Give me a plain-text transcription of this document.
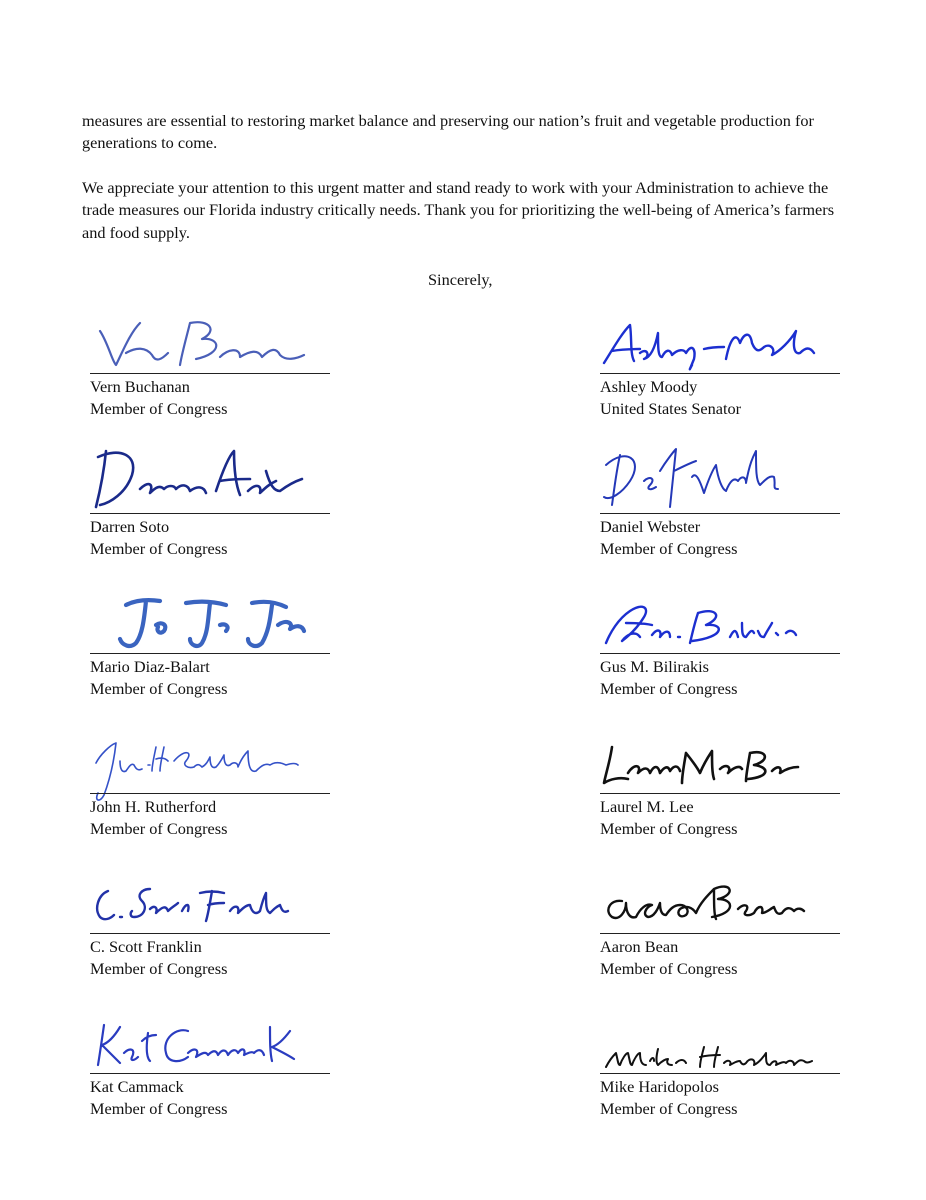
measures are essential to restoring market balance and preserving our nation’s fruit and vegetable production for generations to come.

We appreciate your attention to this urgent matter and stand ready to work with your Administration to achieve the trade measures our Florida industry critically needs. Thank you for prioritizing the well-being of America’s farmers and food supply.

Sincerely,
Vern Buchanan
Member of Congress
Ashley Moody
United States Senator
Darren Soto
Member of Congress
Daniel Webster
Member of Congress
Mario Diaz-Balart
Member of Congress
Gus M. Bilirakis
Member of Congress
John H. Rutherford
Member of Congress
Laurel M. Lee
Member of Congress
C. Scott Franklin
Member of Congress
Aaron Bean
Member of Congress
Kat Cammack
Member of Congress
Mike Haridopolos
Member of Congress
